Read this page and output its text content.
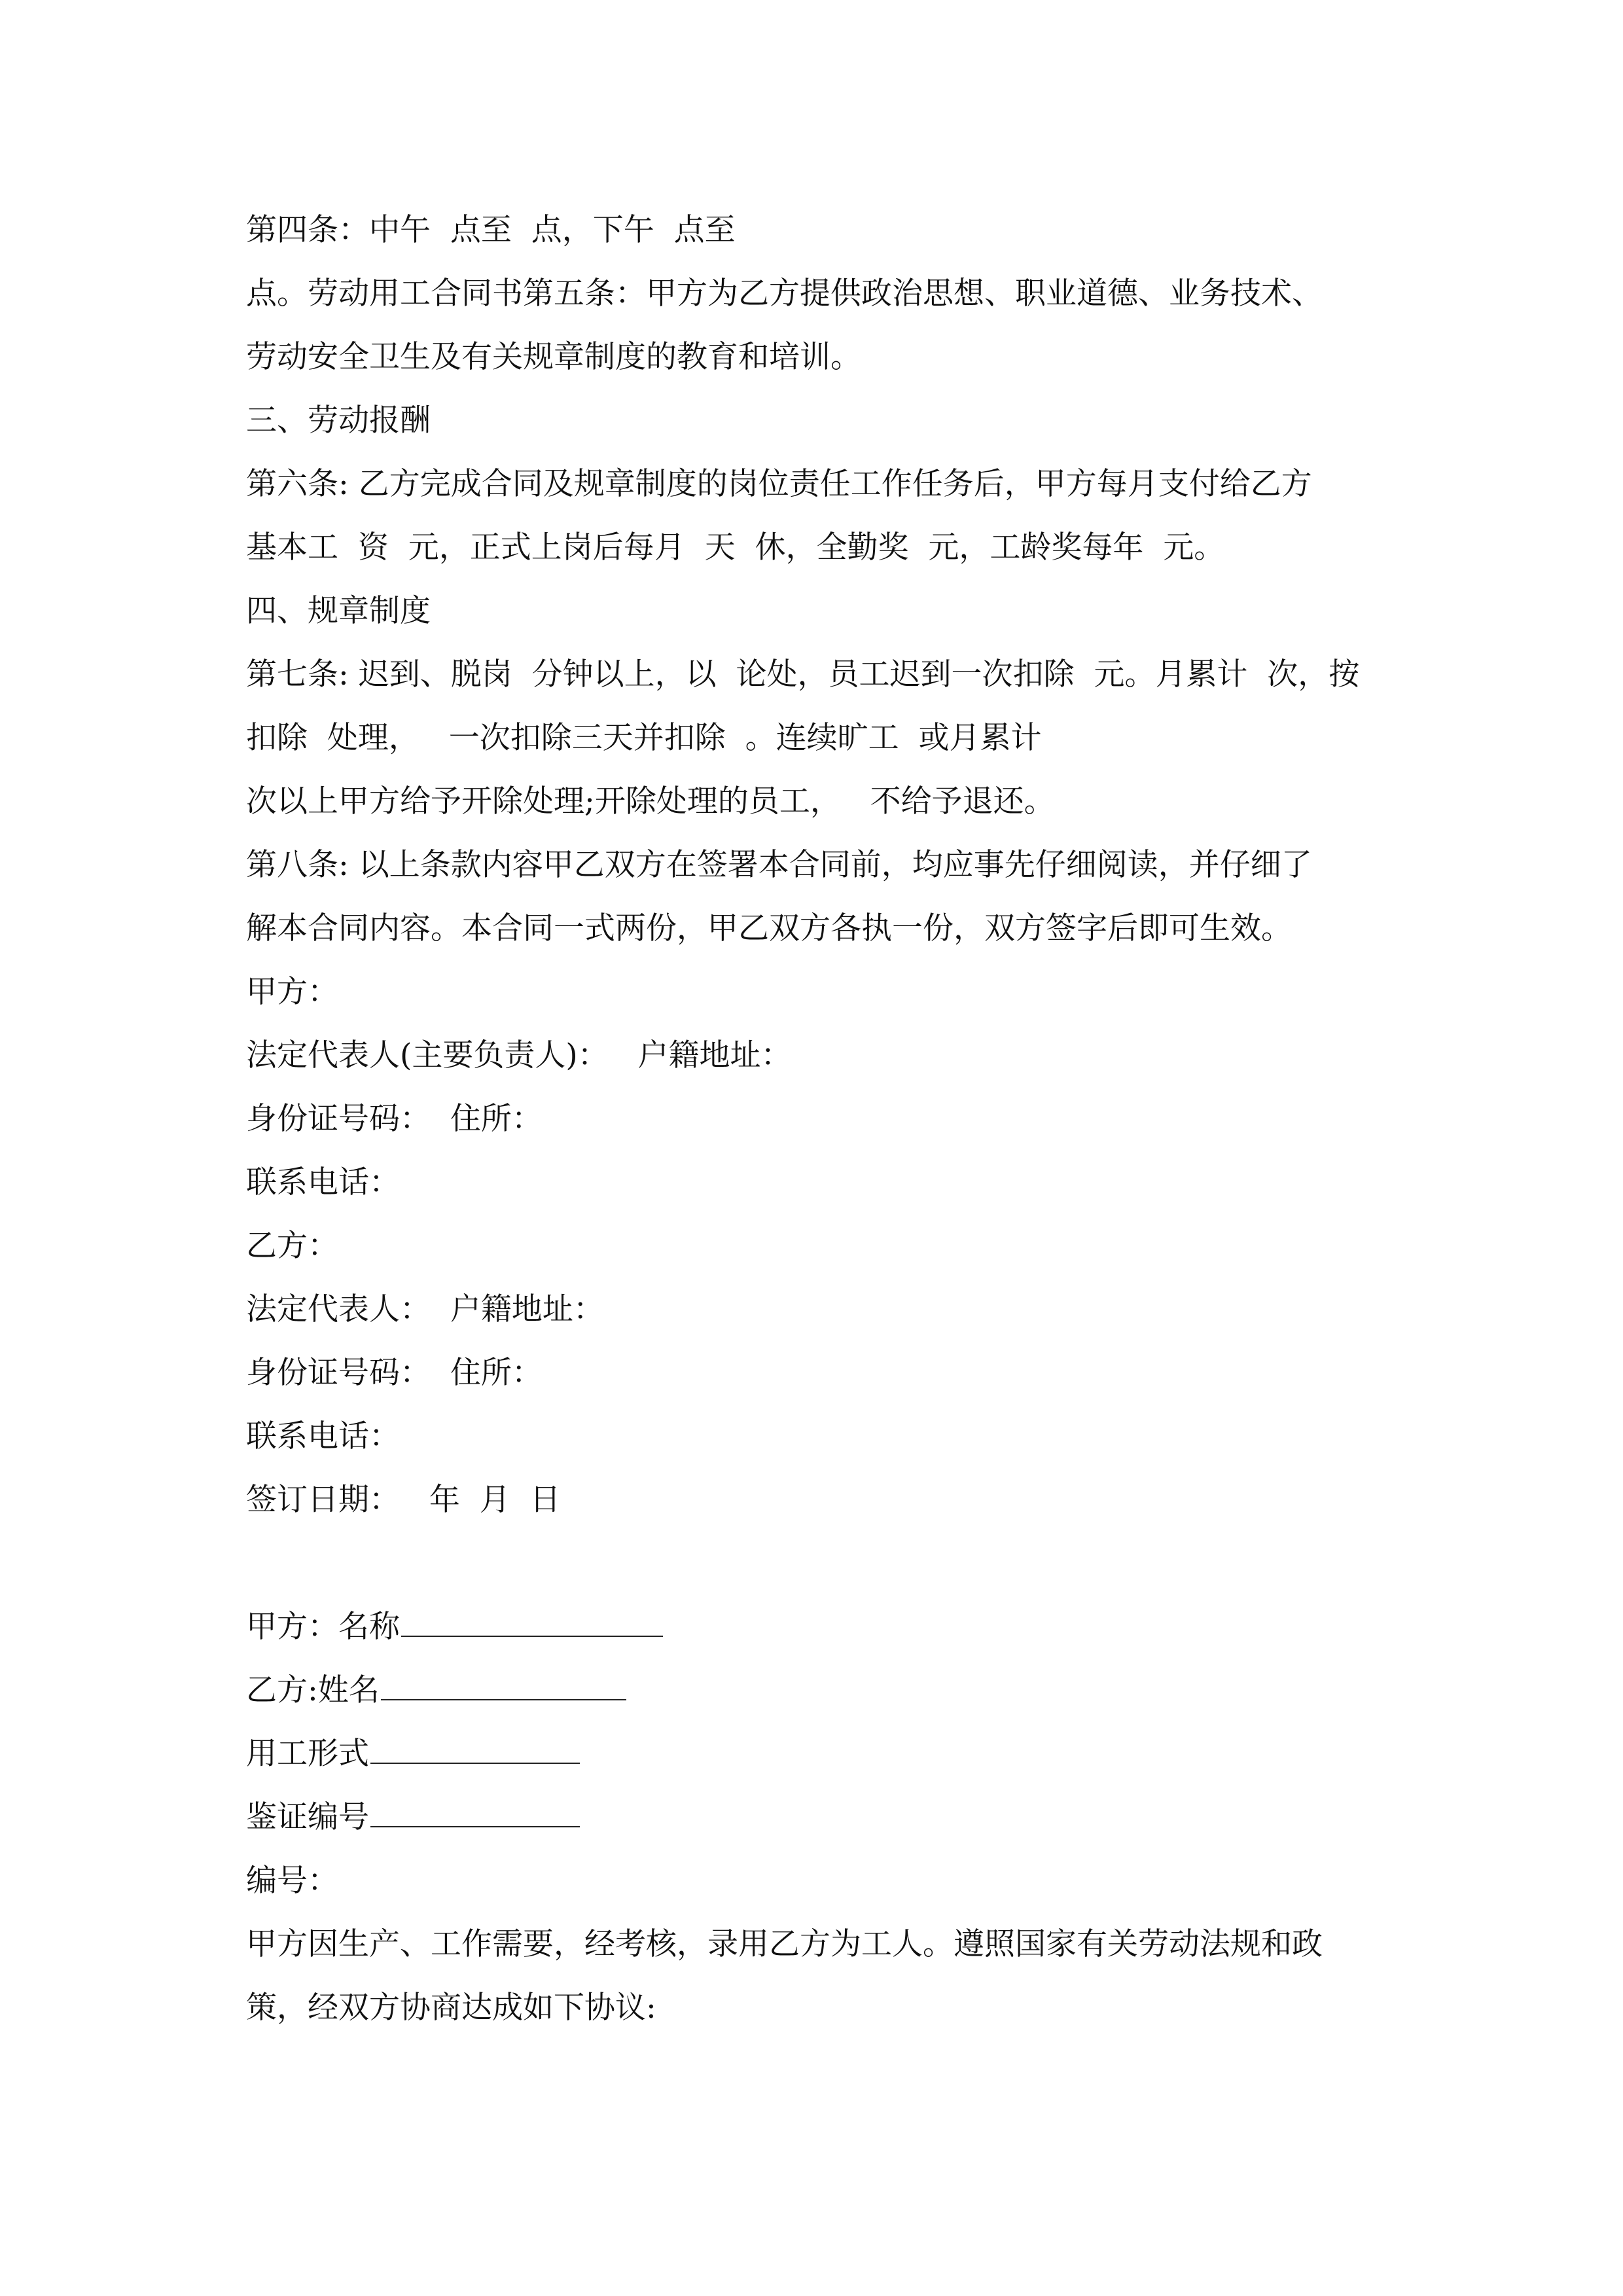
第四条：中午  点至  点，下午  点至
点。劳动用工合同书第五条：甲方为乙方提供政治思想、职业道德、业务技术、
劳动安全卫生及有关规章制度的教育和培训。
三、劳动报酬
第六条: 乙方完成合同及规章制度的岗位责任工作任务后，甲方每月支付给乙方
基本工  资  元，正式上岗后每月  天  休，全勤奖  元，工龄奖每年  元。
四、规章制度
第七条: 迟到、脱岗  分钟以上，以  论处，员工迟到一次扣除  元。月累计  次，按
扣除  处理，   一次扣除三天并扣除  。连续旷工  或月累计
次以上甲方给予开除处理;开除处理的员工，   不给予退还。
第八条: 以上条款内容甲乙双方在签署本合同前，均应事先仔细阅读，并仔细了
解本合同内容。本合同一式两份，甲乙双方各执一份，双方签字后即可生效。
甲方：
法定代表人(主要负责人)：   户籍地址：
身份证号码：  住所：
联系电话：
乙方：
法定代表人：  户籍地址：
身份证号码：  住所：
联系电话：
签订日期：   年  月  日
甲方：名称
乙方:姓名
用工形式
鉴证编号
编号：
甲方因生产、工作需要，经考核，录用乙方为工人。遵照国家有关劳动法规和政
策，经双方协商达成如下协议:
